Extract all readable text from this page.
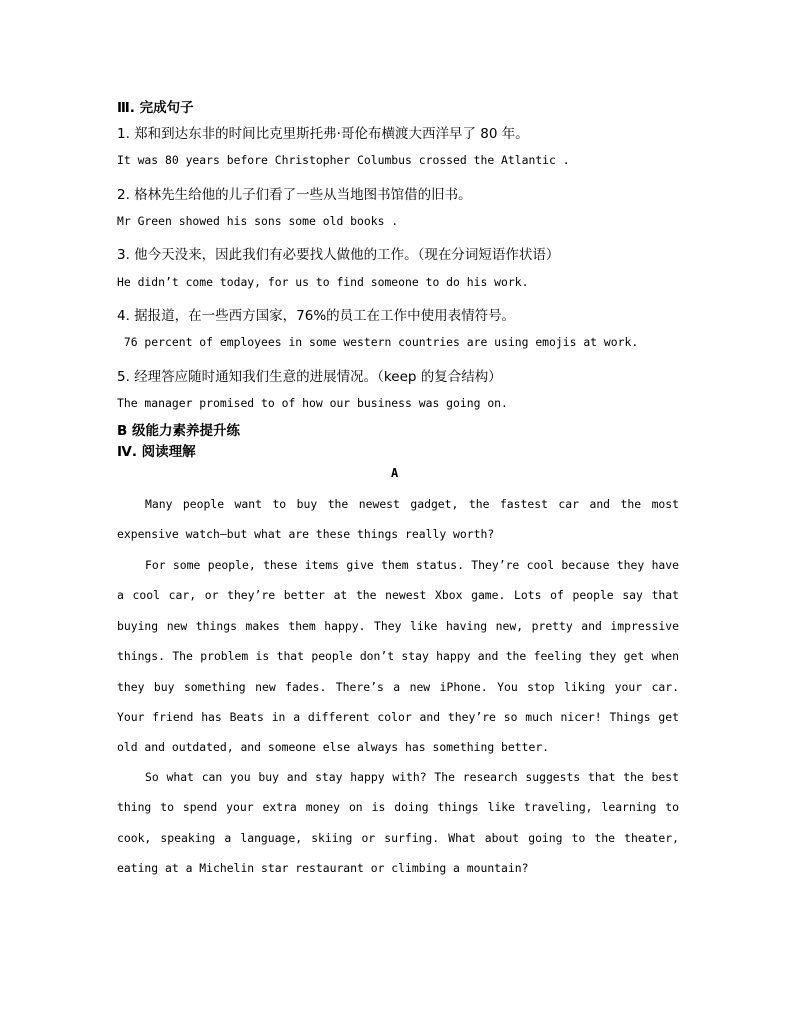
Ⅲ. 完成句子
1. 郑和到达东非的时间比克里斯托弗·哥伦布横渡大西洋早了 80 年。
It was 80 years before Christopher Columbus crossed the Atlantic .
2. 格林先生给他的儿子们看了一些从当地图书馆借的旧书。
Mr Green showed his sons some old books .
3. 他今天没来，因此我们有必要找人做他的工作。（现在分词短语作状语）
He didn’t come today, for us to find someone to do his work.
4. 据报道，在一些西方国家，76%的员工在工作中使用表情符号。
76 percent of employees in some western countries are using emojis at work.
5. 经理答应随时通知我们生意的进展情况。（keep 的复合结构）
The manager promised to of how our business was going on.
B 级能力素养提升练
Ⅳ. 阅读理解
A
Many people want to buy the newest gadget, the fastest car and the most expensive watch—but what are these things really worth?
For some people, these items give them status. They’re cool because they have a cool car, or they’re better at the newest Xbox game. Lots of people say that buying new things makes them happy. They like having new, pretty and impressive things. The problem is that people don’t stay happy and the feeling they get when they buy something new fades. There’s a new iPhone. You stop liking your car. Your friend has Beats in a different color and they’re so much nicer! Things get old and outdated, and someone else always has something better.
So what can you buy and stay happy with? The research suggests that the best thing to spend your extra money on is doing things like traveling, learning to cook, speaking a language, skiing or surfing. What about going to the theater, eating at a Michelin star restaurant or climbing a mountain?
